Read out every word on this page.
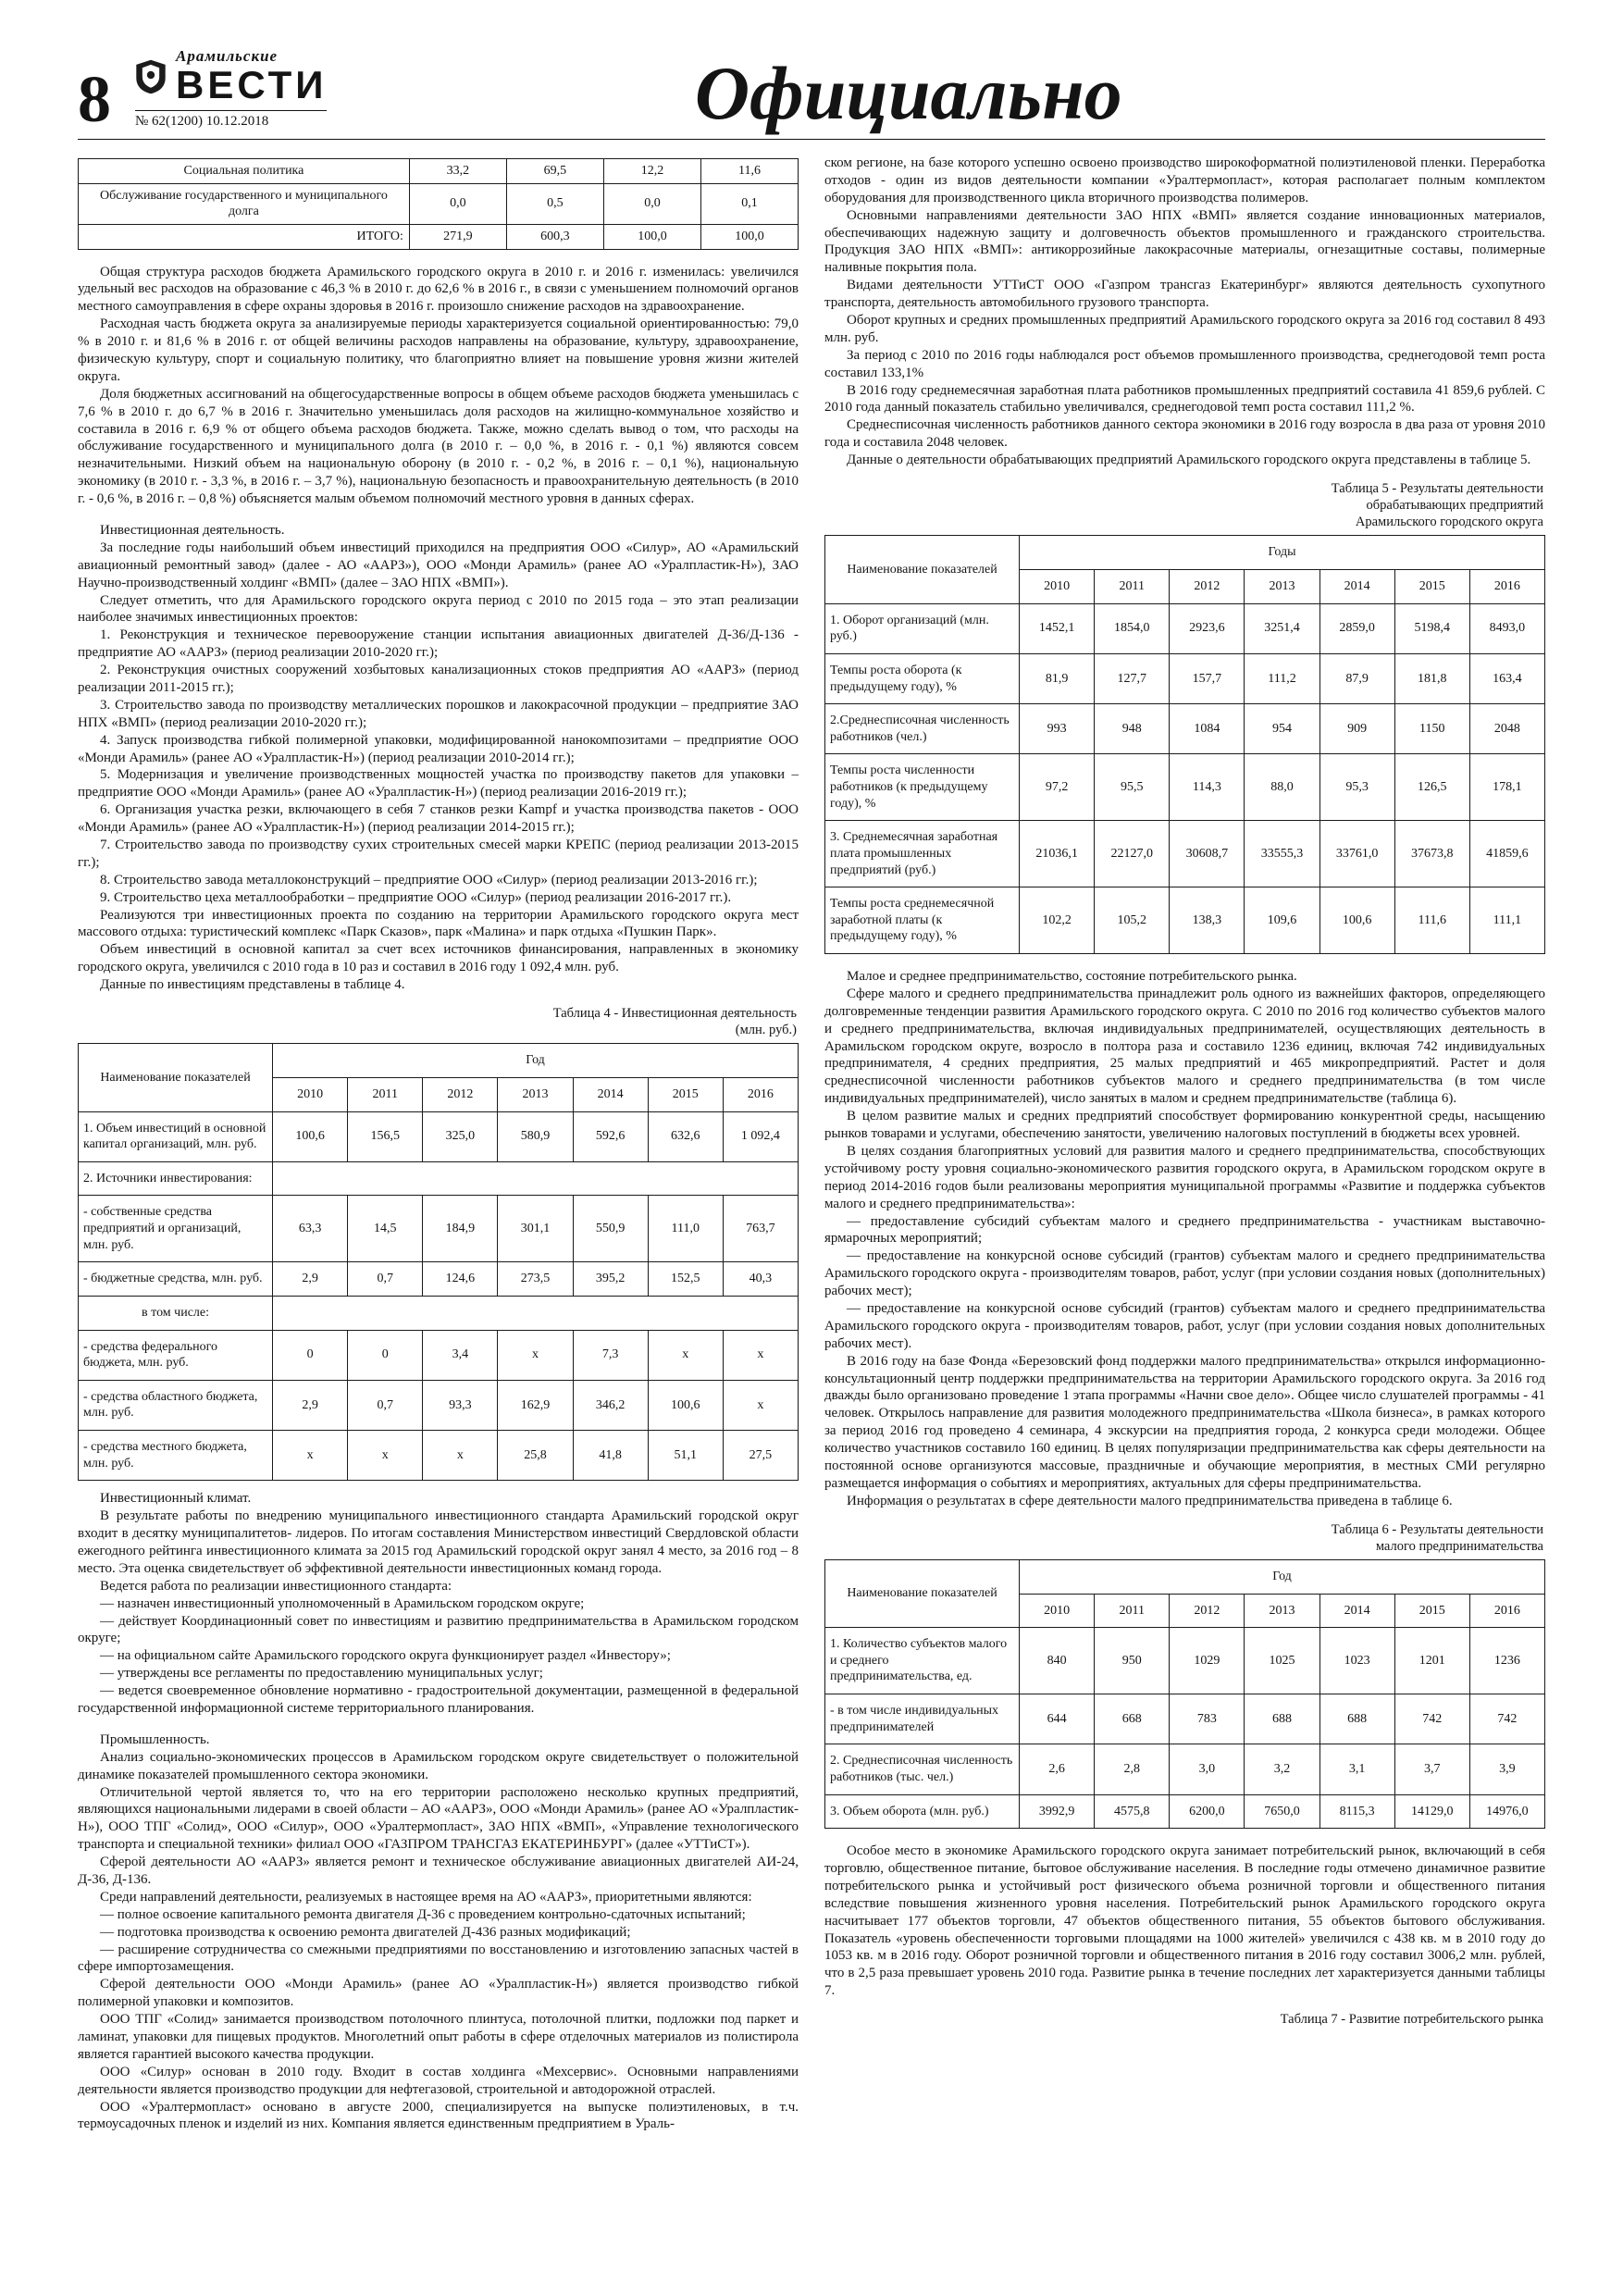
8
Арамильские
ВЕСТИ
№ 62(1200) 10.12.2018	Официально
Социальная политика	33,2	69,5	12,2	11,6
Обслуживание государственного и муниципального долга	0,0	0,5	0,0	0,1
ИТОГО:	271,9	600,3	100,0	100,0

Общая структура расходов бюджета Арамильского городского округа в 2010 г. и 2016 г. изменилась: увеличился удельный вес расходов на образование с 46,3 % в 2010 г. до 62,6 % в 2016 г., в связи с уменьшением полномочий органов местного самоуправления в сфере охраны здоровья в 2016 г. произошло снижение расходов на здравоохранение.

Расходная часть бюджета округа за анализируемые периоды характеризуется социальной ориентированностью: 79,0 % в 2010 г. и 81,6 % в 2016 г. от общей величины расходов направлены на образование, культуру, здравоохранение, физическую культуру, спорт и социальную политику, что благоприятно влияет на повышение уровня жизни жителей округа.

Доля бюджетных ассигнований на общегосударственные вопросы в общем объеме расходов бюджета уменьшилась с 7,6 % в 2010 г. до 6,7 % в 2016 г. Значительно уменьшилась доля расходов на жилищно-коммунальное хозяйство и составила в 2016 г. 6,9 % от общего объема расходов бюджета. Также, можно сделать вывод о том, что расходы на обслуживание государственного и муниципального долга (в 2010 г. – 0,0 %, в 2016 г. - 0,1 %) являются совсем незначительными. Низкий объем на национальную оборону (в 2010 г. - 0,2 %, в 2016 г. – 0,1 %), национальную экономику (в 2010 г. - 3,3 %, в 2016 г. – 3,7 %), национальную безопасность и правоохранительную деятельность (в 2010 г. - 0,6 %, в 2016 г. – 0,8 %) объясняется малым объемом полномочий местного уровня в данных сферах.

Инвестиционная деятельность.

За последние годы наибольший объем инвестиций приходился на предприятия ООО «Силур», АО «Арамильский авиационный ремонтный завод» (далее - АО «ААРЗ»), ООО «Монди Арамиль» (ранее АО «Уралпластик-Н»), ЗАО Научно-производственный холдинг «ВМП» (далее – ЗАО НПХ «ВМП»).

Следует отметить, что для Арамильского городского округа период с 2010 по 2015 года – это этап реализации наиболее значимых инвестиционных проектов:

1. Реконструкция и техническое перевооружение станции испытания авиационных двигателей Д-36/Д-136 - предприятие АО «ААРЗ» (период реализации 2010-2020 гг.);

2. Реконструкция очистных сооружений хозбытовых канализационных стоков предприятия АО «ААРЗ» (период реализации 2011-2015 гг.);

3. Строительство завода по производству металлических порошков и лакокрасочной продукции – предприятие ЗАО НПХ «ВМП» (период реализации 2010-2020 гг.);

4. Запуск производства гибкой полимерной упаковки, модифицированной нанокомпозитами – предприятие ООО «Монди Арамиль» (ранее АО «Уралпластик-Н») (период реализации 2010-2014 гг.);

5. Модернизация и увеличение производственных мощностей участка по производству пакетов для упаковки – предприятие ООО «Монди Арамиль» (ранее АО «Уралпластик-Н») (период реализации 2016-2019 гг.);

6. Организация участка резки, включающего в себя 7 станков резки Kampf и участка производства пакетов - ООО «Монди Арамиль» (ранее АО «Уралпластик-Н») (период реализации 2014-2015 гг.);

7. Строительство завода по производству сухих строительных смесей марки КРЕПС (период реализации 2013-2015 гг.);

8. Строительство завода металлоконструкций – предприятие ООО «Силур» (период реализации 2013-2016 гг.);

9. Строительство цеха металлообработки – предприятие ООО «Силур» (период реализации 2016-2017 гг.).

Реализуются три инвестиционных проекта по созданию на территории Арамильского городского округа мест массового отдыха: туристический комплекс «Парк Сказов», парк «Малина» и парк отдыха «Пушкин Парк».

Объем инвестиций в основной капитал за счет всех источников финансирования, направленных в экономику городского округа, увеличился с 2010 года в 10 раз и составил в 2016 году 1 092,4 млн. руб.

Данные по инвестициям представлены в таблице 4.

Таблица 4 - Инвестиционная деятельность
(млн. руб.)
Наименование показателей	Год						
	2010	2011	2012	2013	2014	2015	2016
1. Объем инвестиций в основной капитал организаций, млн. руб.	100,6	156,5	325,0	580,9	592,6	632,6	1 092,4
2. Источники инвестирования:							
- собственные средства предприятий и организаций, млн. руб.	63,3	14,5	184,9	301,1	550,9	111,0	763,7
- бюджетные средства, млн. руб.	2,9	0,7	124,6	273,5	395,2	152,5	40,3
в том числе:							
- средства федерального бюджета, млн. руб.	0	0	3,4	x	7,3	x	x
- средства областного бюджета, млн. руб.	2,9	0,7	93,3	162,9	346,2	100,6	x
- средства местного бюджета, млн. руб.	x	x	x	25,8	41,8	51,1	27,5

Инвестиционный климат.

В результате работы по внедрению муниципального инвестиционного стандарта Арамильский городской округ входит в десятку муниципалитетов- лидеров. По итогам составления Министерством инвестиций Свердловской области ежегодного рейтинга инвестиционного климата за 2015 год Арамильский городской округ занял 4 место, за 2016 год – 8 место. Эта оценка свидетельствует об эффективной деятельности инвестиционных команд города.

Ведется работа по реализации инвестиционного стандарта:

— назначен инвестиционный уполномоченный в Арамильском городском округе;

— действует Координационный совет по инвестициям и развитию предпринимательства в Арамильском городском округе;

— на официальном сайте Арамильского городского округа функционирует раздел «Инвестору»;

— утверждены все регламенты по предоставлению муниципальных услуг;

— ведется своевременное обновление нормативно - градостроительной документации, размещенной в федеральной государственной информационной системе территориального планирования.

Промышленность.

Анализ социально-экономических процессов в Арамильском городском округе свидетельствует о положительной динамике показателей промышленного сектора экономики.

Отличительной чертой является то, что на его территории расположено несколько крупных предприятий, являющихся национальными лидерами в своей области – АО «ААРЗ», ООО «Монди Арамиль» (ранее АО «Уралпластик-Н»), ООО ТПГ «Солид», ООО «Силур», ООО «Уралтермопласт», ЗАО НПХ «ВМП», «Управление технологического транспорта и специальной техники» филиал ООО «ГАЗПРОМ ТРАНСГАЗ ЕКАТЕРИНБУРГ» (далее «УТТиСТ»).

Сферой деятельности АО «ААРЗ» является ремонт и техническое обслуживание авиационных двигателей АИ-24, Д-36, Д-136.

Среди направлений деятельности, реализуемых в настоящее время на АО «ААРЗ», приоритетными являются:

— полное освоение капитального ремонта двигателя Д-36 с проведением контрольно-сдаточных испытаний;

— подготовка производства к освоению ремонта двигателей Д-436 разных модификаций;

— расширение сотрудничества со смежными предприятиями по восстановлению и изготовлению запасных частей в сфере импортозамещения.

Сферой деятельности ООО «Монди Арамиль» (ранее АО «Уралпластик-Н») является производство гибкой полимерной упаковки и композитов.

ООО ТПГ «Солид» занимается производством потолочного плинтуса, потолочной плитки, подложки под паркет и ламинат, упаковки для пищевых продуктов. Многолетний опыт работы в сфере отделочных материалов из полистирола является гарантией высокого качества продукции.

ООО «Силур» основан в 2010 году. Входит в состав холдинга «Мехсервис». Основными направлениями деятельности является производство продукции для нефтегазовой, строительной и автодорожной отраслей.

ООО «Уралтермопласт» основано в августе 2000, специализируется на выпуске полиэтиленовых, в т.ч. термоусадочных пленок и изделий из них. Компания является единственным предприятием в Ураль-

ском регионе, на базе которого успешно освоено производство широкоформатной полиэтиленовой пленки. Переработка отходов - один из видов деятельности компании «Уралтермопласт», которая располагает полным комплектом оборудования для производственного цикла вторичного производства полимеров.

Основными направлениями деятельности ЗАО НПХ «ВМП» является создание инновационных материалов, обеспечивающих надежную защиту и долговечность объектов промышленного и гражданского строительства. Продукция ЗАО НПХ «ВМП»: антикоррозийные лакокрасочные материалы, огнезащитные составы, полимерные наливные покрытия пола.

Видами деятельности УТТиСТ ООО «Газпром трансгаз Екатеринбург» являются деятельность сухопутного транспорта, деятельность автомобильного грузового транспорта.

Оборот крупных и средних промышленных предприятий Арамильского городского округа за 2016 год составил 8 493 млн. руб.

За период с 2010 по 2016 годы наблюдался рост объемов промышленного производства, среднегодовой темп роста составил 133,1%

В 2016 году среднемесячная заработная плата работников промышленных предприятий составила 41 859,6 рублей. С 2010 года данный показатель стабильно увеличивался, среднегодовой темп роста составил 111,2 %.

Среднесписочная численность работников данного сектора экономики в 2016 году возросла в два раза от уровня 2010 года и составила 2048 человек.

Данные о деятельности обрабатывающих предприятий Арамильского городского округа представлены в таблице 5.

Таблица 5 - Результаты деятельности
обрабатывающих предприятий
Арамильского городского округа
Наименование показателей	Годы						
	2010	2011	2012	2013	2014	2015	2016
1. Оборот организаций (млн. руб.)	1452,1	1854,0	2923,6	3251,4	2859,0	5198,4	8493,0
Темпы роста оборота (к предыдущему году), %	81,9	127,7	157,7	111,2	87,9	181,8	163,4
2.Среднесписочная численность работников (чел.)	993	948	1084	954	909	1150	2048
Темпы роста численности работников (к предыдущему году), %	97,2	95,5	114,3	88,0	95,3	126,5	178,1
3. Среднемесячная заработная плата промышленных предприятий (руб.)	21036,1	22127,0	30608,7	33555,3	33761,0	37673,8	41859,6
Темпы роста среднемесячной заработной платы (к предыдущему году), %	102,2	105,2	138,3	109,6	100,6	111,6	111,1

Малое и среднее предпринимательство, состояние потребительского рынка.

Сфере малого и среднего предпринимательства принадлежит роль одного из важнейших факторов, определяющего долговременные тенденции развития Арамильского городского округа. С 2010 по 2016 год количество субъектов малого и среднего предпринимательства, включая индивидуальных предпринимателей, осуществляющих деятельность в Арамильском городском округе, возросло в полтора раза и составило 1236 единиц, включая 742 индивидуальных предпринимателя, 4 средних предприятия, 25 малых предприятий и 465 микропредприятий. Растет и доля среднесписочной численности работников субъектов малого и среднего предпринимательства (в том числе индивидуальных предпринимателей), число занятых в малом и среднем предпринимательстве (таблица 6).

В целом развитие малых и средних предприятий способствует формированию конкурентной среды, насыщению рынков товарами и услугами, обеспечению занятости, увеличению налоговых поступлений в бюджеты всех уровней.

В целях создания благоприятных условий для развития малого и среднего предпринимательства, способствующих устойчивому росту уровня социально-экономического развития городского округа, в Арамильском городском округе в период 2014-2016 годов были реализованы мероприятия муниципальной программы «Развитие и поддержка субъектов малого и среднего предпринимательства»:

— предоставление субсидий субъектам малого и среднего предпринимательства - участникам выставочно-ярмарочных мероприятий;

— предоставление на конкурсной основе субсидий (грантов) субъектам малого и среднего предпринимательства Арамильского городского округа - производителям товаров, работ, услуг (при условии создания новых (дополнительных) рабочих мест);

— предоставление на конкурсной основе субсидий (грантов) субъектам малого и среднего предпринимательства Арамильского городского округа - производителям товаров, работ, услуг (при условии создания новых дополнительных рабочих мест).

В 2016 году на базе Фонда «Березовский фонд поддержки малого предпринимательства» открылся информационно-консультационный центр поддержки предпринимательства на территории Арамильского городского округа. За 2016 год дважды было организовано проведение 1 этапа программы «Начни свое дело». Общее число слушателей программы - 41 человек. Открылось направление для развития молодежного предпринимательства «Школа бизнеса», в рамках которого за период 2016 год проведено 4 семинара, 4 экскурсии на предприятия города, 2 конкурса среди молодежи. Общее количество участников составило 160 единиц. В целях популяризации предпринимательства как сферы деятельности на постоянной основе организуются массовые, праздничные и обучающие мероприятия, в местных СМИ регулярно размещается информация о событиях и мероприятиях, актуальных для сферы предпринимательства.

Информация о результатах в сфере деятельности малого предпринимательства приведена в таблице 6.

Таблица 6 - Результаты деятельности
малого предпринимательства
Наименование показателей	Год						
	2010	2011	2012	2013	2014	2015	2016
1. Количество субъектов малого и среднего предпринимательства, ед.	840	950	1029	1025	1023	1201	1236
- в том числе индивидуальных предпринимателей	644	668	783	688	688	742	742
2. Среднесписочная численность работников (тыс. чел.)	2,6	2,8	3,0	3,2	3,1	3,7	3,9
3. Объем оборота (млн. руб.)	3992,9	4575,8	6200,0	7650,0	8115,3	14129,0	14976,0

Особое место в экономике Арамильского городского округа занимает потребительский рынок, включающий в себя торговлю, общественное питание, бытовое обслуживание населения. В последние годы отмечено динамичное развитие потребительского рынка и устойчивый рост физического объема розничной торговли и общественного питания вследствие повышения жизненного уровня населения. Потребительский рынок Арамильского городского округа насчитывает 177 объектов торговли, 47 объектов общественного питания, 55 объектов бытового обслуживания. Показатель «уровень обеспеченности торговыми площадями на 1000 жителей» увеличился с 438 кв. м в 2010 году до 1053 кв. м в 2016 году. Оборот розничной торговли и общественного питания в 2016 году составил 3006,2 млн. рублей, что в 2,5 раза превышает уровень 2010 года. Развитие рынка в течение последних лет характеризуется данными таблицы 7.

Таблица 7 - Развитие потребительского рынка
